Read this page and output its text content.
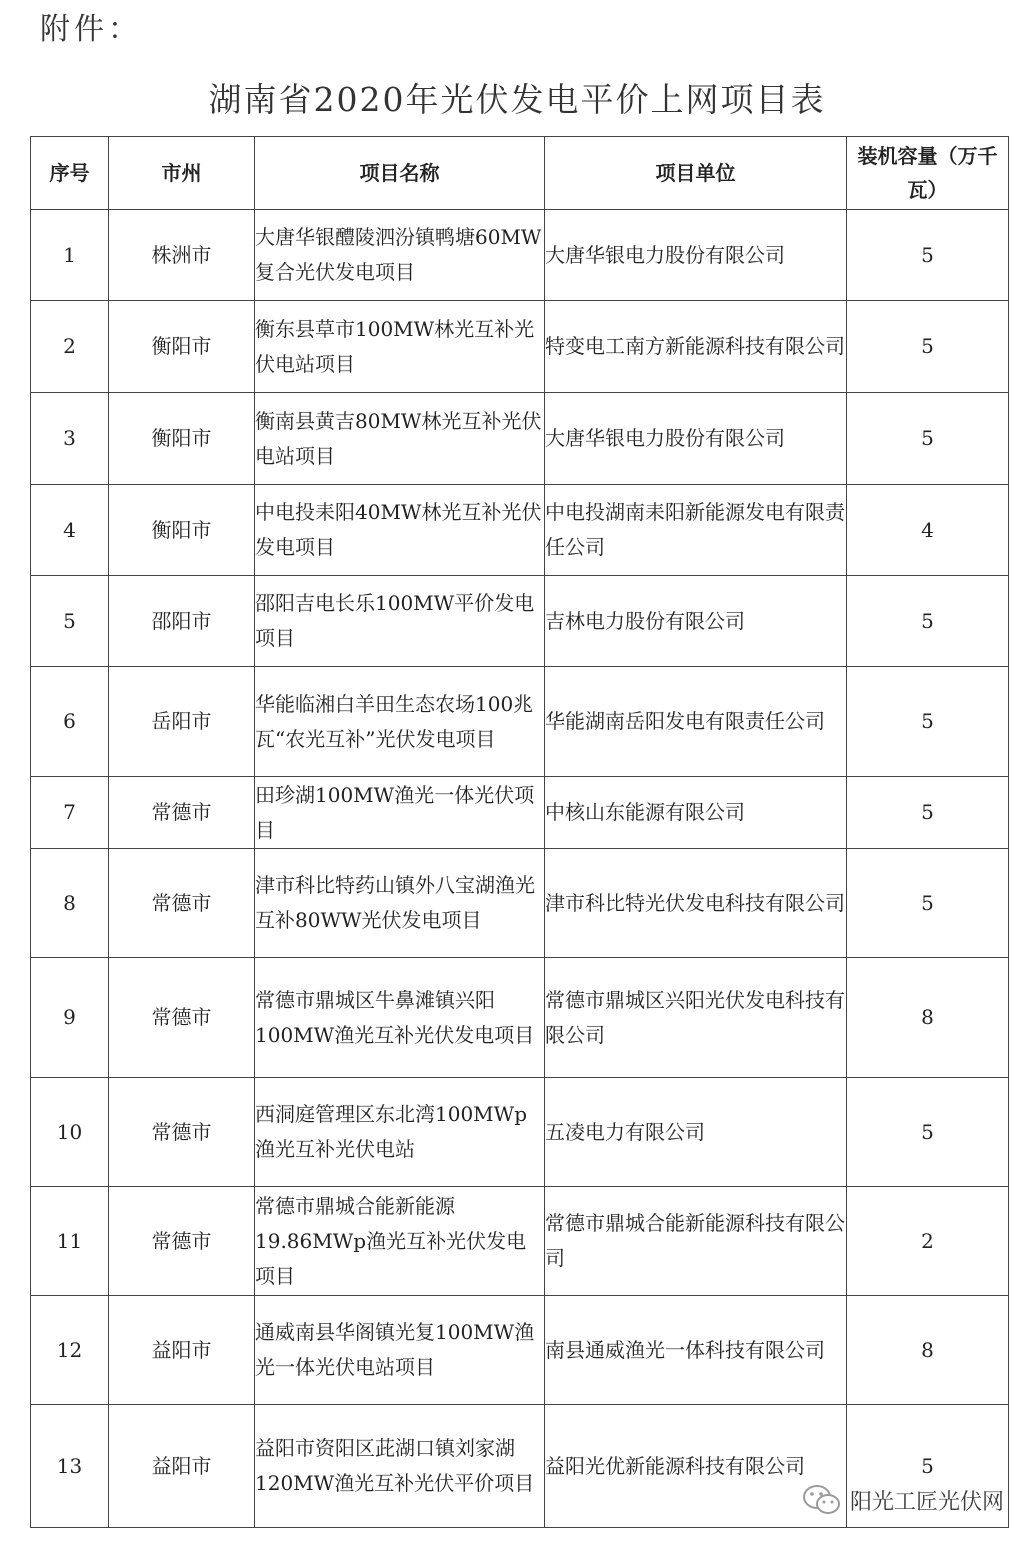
附件：
湖南省2020年光伏发电平价上网项目表
序号	市州	项目名称	项目单位	装机容量（万千瓦）
1	株洲市	大唐华银醴陵泗汾镇鸭塘60MW复合光伏发电项目	大唐华银电力股份有限公司	5
2	衡阳市	衡东县草市100MW林光互补光伏电站项目	特变电工南方新能源科技有限公司	5
3	衡阳市	衡南县黄吉80MW林光互补光伏电站项目	大唐华银电力股份有限公司	5
4	衡阳市	中电投耒阳40MW林光互补光伏发电项目	中电投湖南耒阳新能源发电有限责任公司	4
5	邵阳市	邵阳吉电长乐100MW平价发电项目	吉林电力股份有限公司	5
6	岳阳市	华能临湘白羊田生态农场100兆瓦“农光互补”光伏发电项目	华能湖南岳阳发电有限责任公司	5
7	常德市	田珍湖100MW渔光一体光伏项目	中核山东能源有限公司	5
8	常德市	津市科比特药山镇外八宝湖渔光互补80WW光伏发电项目	津市科比特光伏发电科技有限公司	5
9	常德市	常德市鼎城区牛鼻滩镇兴阳100MW渔光互补光伏发电项目	常德市鼎城区兴阳光伏发电科技有限公司	8
10	常德市	西洞庭管理区东北湾100MWp渔光互补光伏电站	五凌电力有限公司	5
11	常德市	常德市鼎城合能新能源19.86MWp渔光互补光伏发电项目	常德市鼎城合能新能源科技有限公司	2
12	益阳市	通威南县华阁镇光复100MW渔光一体光伏电站项目	南县通威渔光一体科技有限公司	8
13	益阳市	益阳市资阳区茈湖口镇刘家湖120MW渔光互补光伏平价项目	益阳光优新能源科技有限公司	5
阳光工匠光伏网
